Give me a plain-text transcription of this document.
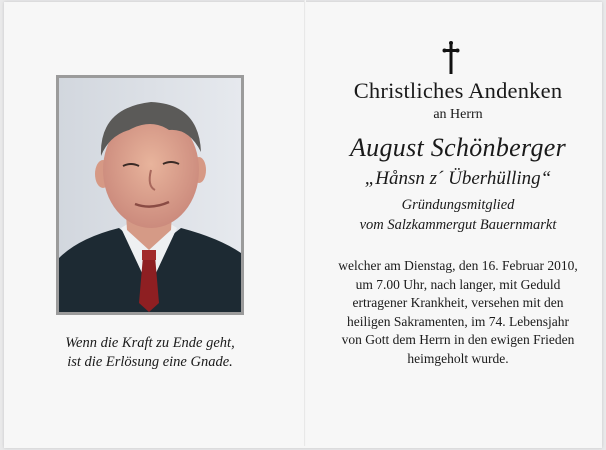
Wenn die Kraft zu Ende geht,
ist die Erlösung eine Gnade.
Christliches Andenken
an Herrn
August Schönberger
„Hånsn z´ Überhülling“
Gründungsmitglied
vom Salzkammergut Bauernmarkt
welcher am Dienstag, den 16. Februar 2010,
um 7.00 Uhr, nach langer, mit Geduld
ertragener Krankheit, versehen mit den
heiligen Sakramenten, im 74. Lebensjahr
von Gott dem Herrn in den ewigen Frieden
heimgeholt wurde.
